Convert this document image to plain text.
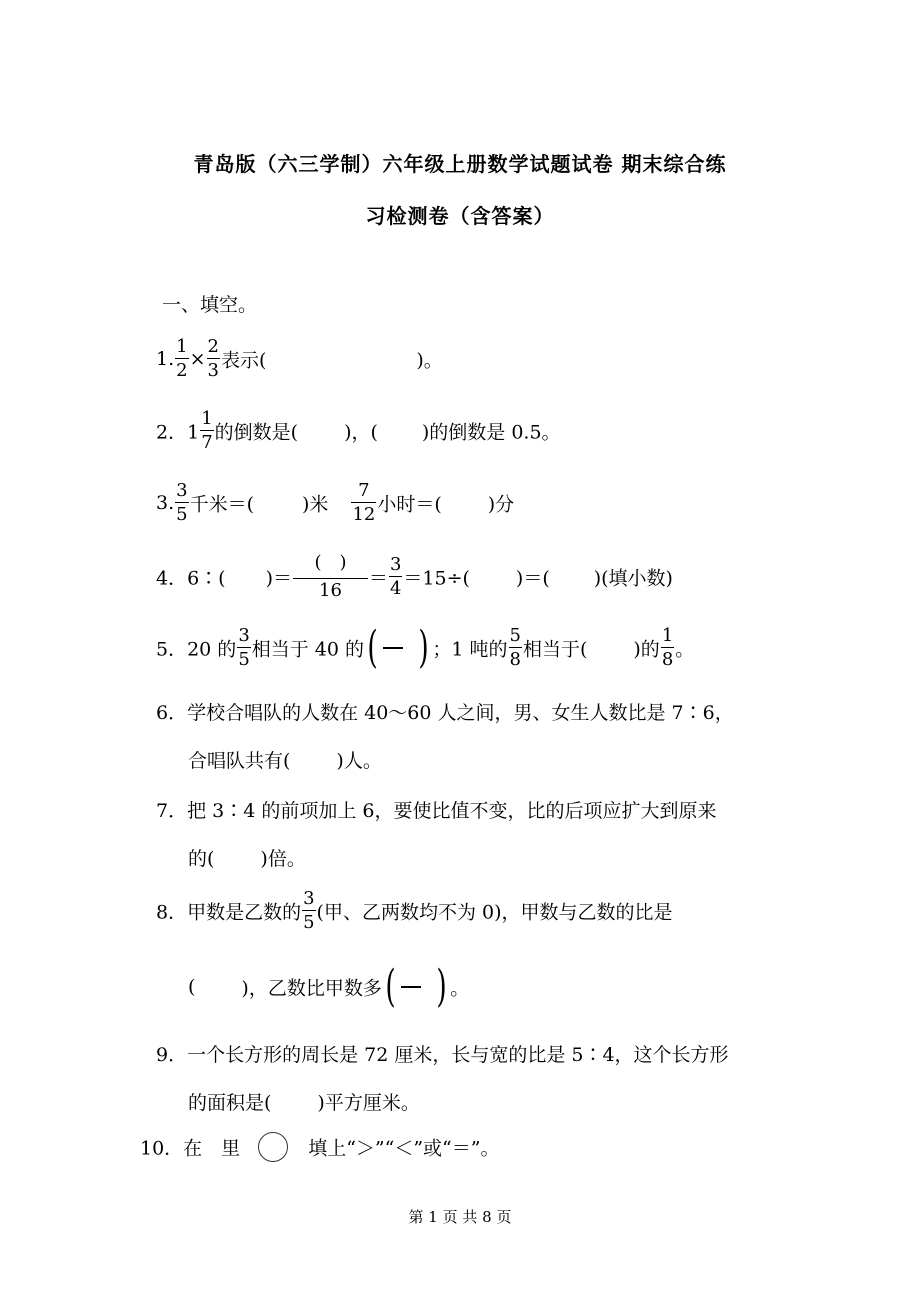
青岛版（六三学制）六年级上册数学试题试卷 期末综合练
习检测卷（含答案）
一、填空。
1. $\frac{1}{2} \times \frac{2}{3}$ 表示(	)。
2．$1 \frac{1}{7}$ 的倒数是( )，( )的倒数是 0.5。
3. $\frac{3}{5}$ 千米＝(	)米 $\frac{7}{12}$ 小时＝( )分
4．6∶( )＝ $\frac{( )}{16} = \frac{3}{4} =15\div$( )＝( )(填小数)
5．20 的 $\frac{3}{5}$ 相当于 40 的( ) ；1 吨的 $\frac{5}{8}$ 相当于( )的 $\frac{1}{8}$ 。
6．学校合唱队的人数在 40～60 人之间，男、女生人数比是 7∶6，
合唱队共有( )人。
7．把 3∶4 的前项加上 6，要使比值不变，比的后项应扩大到原来
的( )倍。
8．甲数是乙数的 $\frac{3}{5}$ (甲、乙两数均不为 0)，甲数与乙数的比是
( )，乙数比甲数多( ) 。
9．一个长方形的周长是 72 厘米，长与宽的比是 5∶4，这个长方形
的面积是( )平方厘米。
10．在　里	填上“＞”“＜”或“＝”。
第 1 页 共 8 页
